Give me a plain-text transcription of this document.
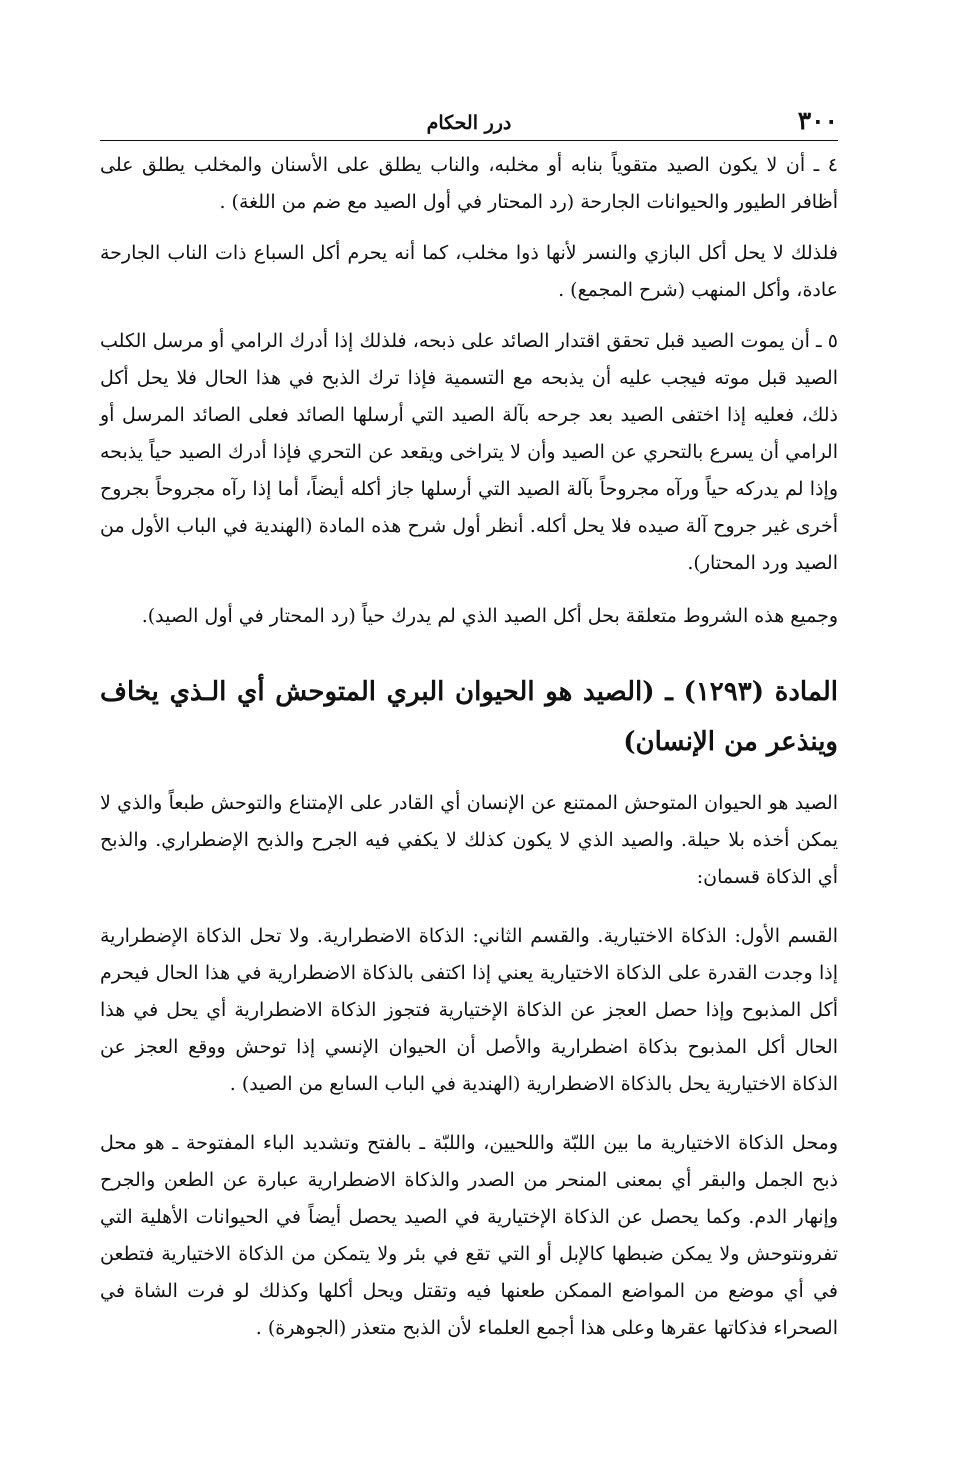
٣٠٠
درر الحكام

٤ ـ أن لا يكون الصيد متقوياً بنابه أو مخلبه، والناب يطلق على الأسنان والمخلب يطلق على أظافر الطيور والحيوانات الجارحة (رد المحتار في أول الصيد مع ضم من اللغة) .

فلذلك لا يحل أكل البازي والنسر لأنها ذوا مخلب، كما أنه يحرم أكل السباع ذات الناب الجارحة عادة، وأكل المنهب (شرح المجمع) .

٥ ـ أن يموت الصيد قبل تحقق اقتدار الصائد على ذبحه، فلذلك إذا أدرك الرامي أو مرسل الكلب الصيد قبل موته فيجب عليه أن يذبحه مع التسمية فإذا ترك الذبح في هذا الحال فلا يحل أكل ذلك، فعليه إذا اختفى الصيد بعد جرحه بآلة الصيد التي أرسلها الصائد فعلى الصائد المرسل أو الرامي أن يسرع بالتحري عن الصيد وأن لا يتراخى ويقعد عن التحري فإذا أدرك الصيد حياً يذبحه وإذا لم يدركه حياً ورآه مجروحاً بآلة الصيد التي أرسلها جاز أكله أيضاً، أما إذا رآه مجروحاً بجروح أخرى غير جروح آلة صيده فلا يحل أكله. أنظر أول شرح هذه المادة (الهندية في الباب الأول من الصيد ورد المحتار).

وجميع هذه الشروط متعلقة بحل أكل الصيد الذي لم يدرك حياً (رد المحتار في أول الصيد).

المادة (١٢٩٣) ـ (الصيد هو الحيوان البري المتوحش أي الـذي يخاف وينذعر من الإنسان)

الصيد هو الحيوان المتوحش الممتنع عن الإنسان أي القادر على الإمتناع والتوحش طبعاً والذي لا يمكن أخذه بلا حيلة. والصيد الذي لا يكون كذلك لا يكفي فيه الجرح والذبح الإضطراري. والذبح أي الذكاة قسمان:

القسم الأول: الذكاة الاختيارية. والقسم الثاني: الذكاة الاضطرارية. ولا تحل الذكاة الإضطرارية إذا وجدت القدرة على الذكاة الاختيارية يعني إذا اكتفى بالذكاة الاضطرارية في هذا الحال فيحرم أكل المذبوح وإذا حصل العجز عن الذكاة الإختيارية فتجوز الذكاة الاضطرارية أي يحل في هذا الحال أكل المذبوح بذكاة اضطرارية والأصل أن الحيوان الإنسي إذا توحش ووقع العجز عن الذكاة الاختيارية يحل بالذكاة الاضطرارية (الهندية في الباب السابع من الصيد) .

ومحل الذكاة الاختيارية ما بين اللبّة واللحيين، واللبّة ـ بالفتح وتشديد الباء المفتوحة ـ هو محل ذبح الجمل والبقر أي بمعنى المنحر من الصدر والذكاة الاضطرارية عبارة عن الطعن والجرح وإنهار الدم. وكما يحصل عن الذكاة الإختيارية في الصيد يحصل أيضاً في الحيوانات الأهلية التي تفرونتوحش ولا يمكن ضبطها كالإبل أو التي تقع في بئر ولا يتمكن من الذكاة الاختيارية فتطعن في أي موضع من المواضع الممكن طعنها فيه وتقتل ويحل أكلها وكذلك لو فرت الشاة في الصحراء فذكاتها عقرها وعلى هذا أجمع العلماء لأن الذبح متعذر (الجوهرة) .
